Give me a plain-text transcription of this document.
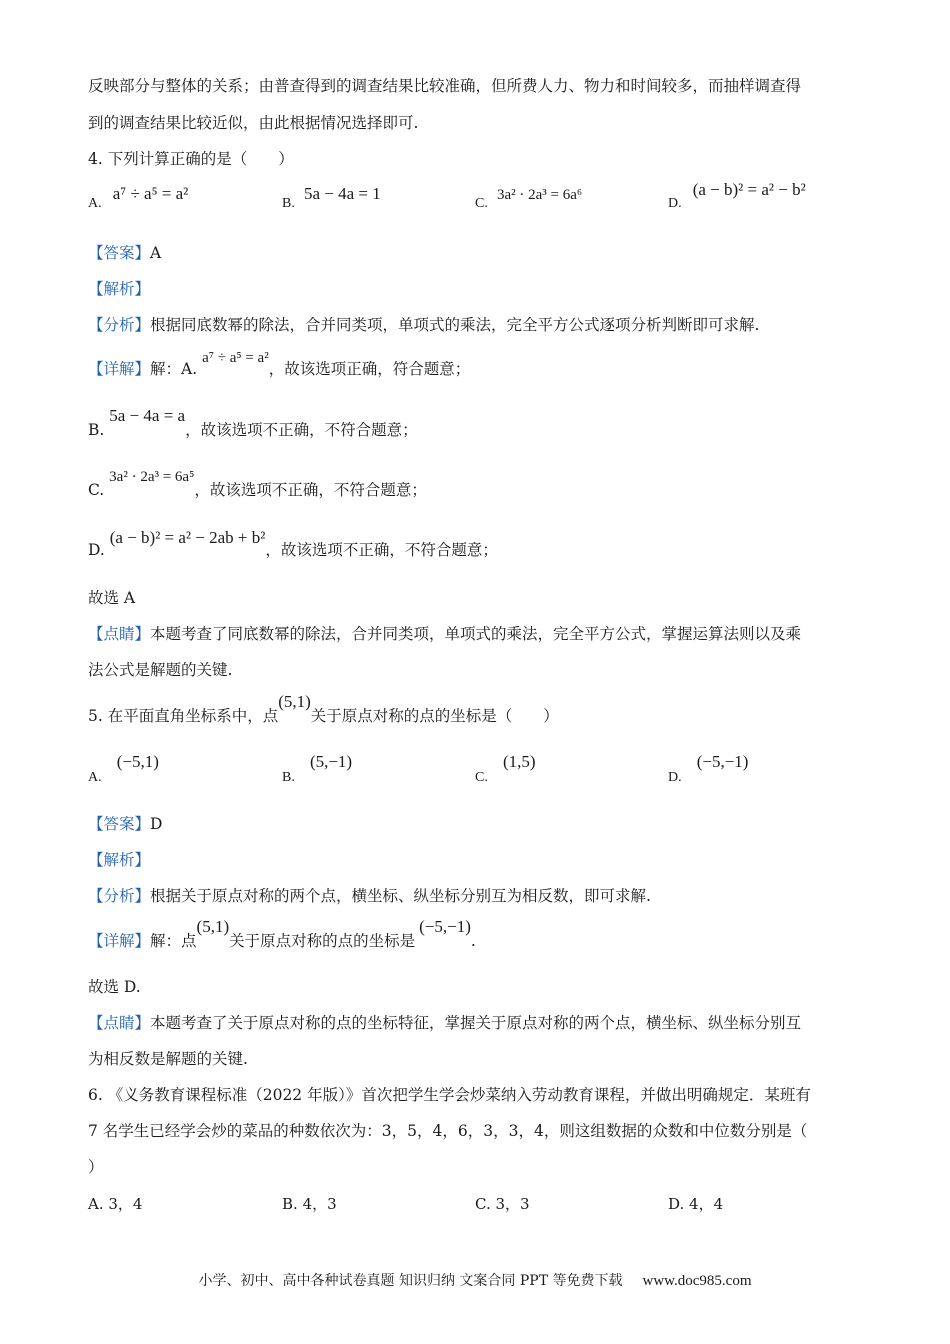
反映部分与整体的关系；由普查得到的调查结果比较准确，但所费人力、物力和时间较多，而抽样调查得
到的调查结果比较近似，由此根据情况选择即可.
4. 下列计算正确的是（　　）
A. a⁷ ÷ a⁵ = a²
B. 5a − 4a = 1
C. 3a² · 2a³ = 6a⁶
D. (a − b)² = a² − b²
【答案】A
【解析】
【分析】根据同底数幂的除法，合并同类项，单项式的乘法，完全平方公式逐项分析判断即可求解.
【详解】解：A. a⁷ ÷ a⁵ = a²，故该选项正确，符合题意；
B. 5a − 4a = a，故该选项不正确，不符合题意；
C. 3a² · 2a³ = 6a⁵，故该选项不正确，不符合题意；
D. (a − b)² = a² − 2ab + b²，故该选项不正确，不符合题意；
故选 A
【点睛】本题考查了同底数幂的除法，合并同类项，单项式的乘法，完全平方公式，掌握运算法则以及乘
法公式是解题的关键.
5. 在平面直角坐标系中，点(5,1)关于原点对称的点的坐标是（　　）
A. (−5,1)
B. (5,−1)
C. (1,5)
D. (−5,−1)
【答案】D
【解析】
【分析】根据关于原点对称的两个点，横坐标、纵坐标分别互为相反数，即可求解.
【详解】解：点(5,1)关于原点对称的点的坐标是(−5,−1).
故选 D.
【点睛】本题考查了关于原点对称的点的坐标特征，掌握关于原点对称的两个点，横坐标、纵坐标分别互
为相反数是解题的关键.
6. 《义务教育课程标准（2022 年版）》首次把学生学会炒菜纳入劳动教育课程，并做出明确规定．某班有
7 名学生已经学会炒的菜品的种数依次为：3，5，4，6，3，3，4，则这组数据的众数和中位数分别是（
）
A. 3，4	B. 4，3	C. 3，3	D. 4，4
小学、初中、高中各种试卷真题 知识归纳 文案合同 PPT 等免费下载 www.doc985.com
